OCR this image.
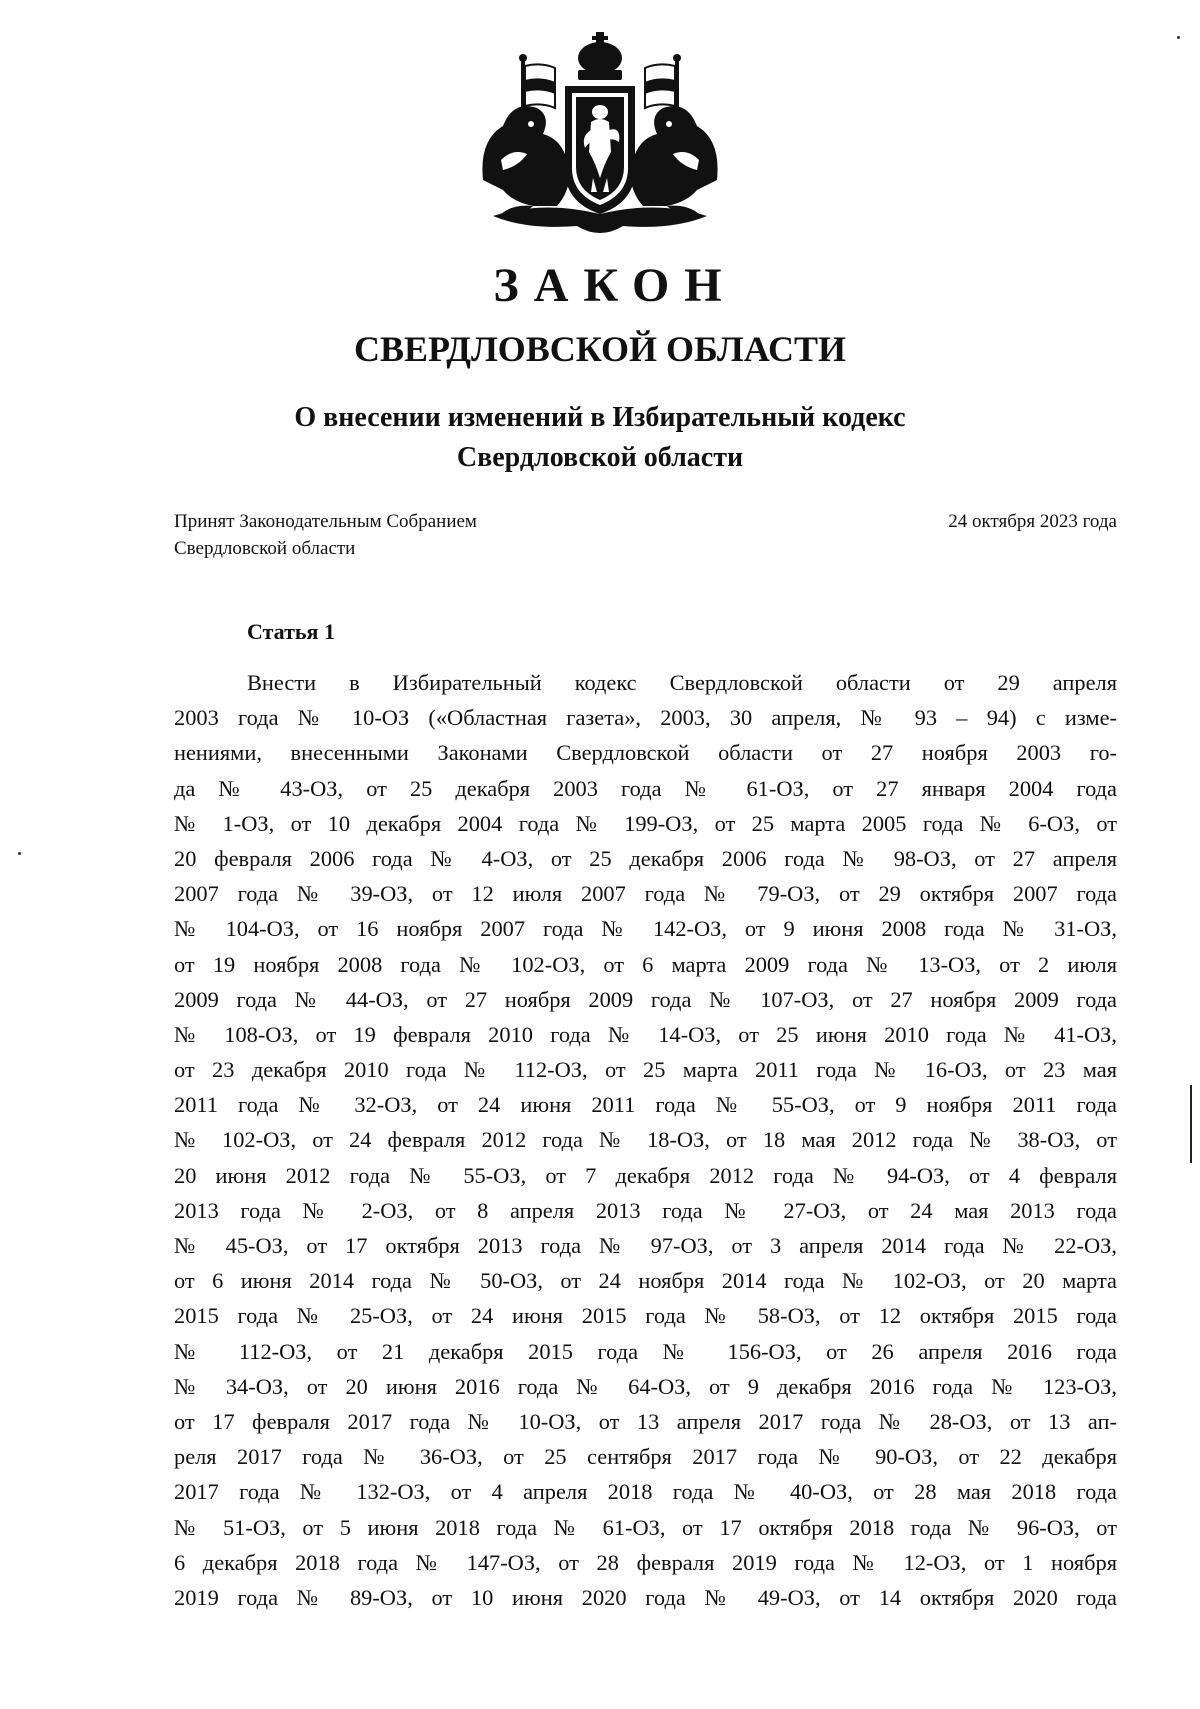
ЗАКОН
СВЕРДЛОВСКОЙ ОБЛАСТИ
О внесении изменений в Избирательный кодекс
Свердловской области
Принят Законодательным Собранием
Свердловской области
24 октября 2023 года
Статья 1
Внести в Избирательный кодекс Свердловской области от 29 апреля
2003 года № 10-ОЗ («Областная газета», 2003, 30 апреля, № 93 – 94) с изме-
нениями, внесенными Законами Свердловской области от 27 ноября 2003 го-
да № 43-ОЗ, от 25 декабря 2003 года № 61-ОЗ, от 27 января 2004 года
№ 1-ОЗ, от 10 декабря 2004 года № 199-ОЗ, от 25 марта 2005 года № 6-ОЗ, от
20 февраля 2006 года № 4-ОЗ, от 25 декабря 2006 года № 98-ОЗ, от 27 апреля
2007 года № 39-ОЗ, от 12 июля 2007 года № 79-ОЗ, от 29 октября 2007 года
№ 104-ОЗ, от 16 ноября 2007 года № 142-ОЗ, от 9 июня 2008 года № 31-ОЗ,
от 19 ноября 2008 года № 102-ОЗ, от 6 марта 2009 года № 13-ОЗ, от 2 июля
2009 года № 44-ОЗ, от 27 ноября 2009 года № 107-ОЗ, от 27 ноября 2009 года
№ 108-ОЗ, от 19 февраля 2010 года № 14-ОЗ, от 25 июня 2010 года № 41-ОЗ,
от 23 декабря 2010 года № 112-ОЗ, от 25 марта 2011 года № 16-ОЗ, от 23 мая
2011 года № 32-ОЗ, от 24 июня 2011 года № 55-ОЗ, от 9 ноября 2011 года
№ 102-ОЗ, от 24 февраля 2012 года № 18-ОЗ, от 18 мая 2012 года № 38-ОЗ, от
20 июня 2012 года № 55-ОЗ, от 7 декабря 2012 года № 94-ОЗ, от 4 февраля
2013 года № 2-ОЗ, от 8 апреля 2013 года № 27-ОЗ, от 24 мая 2013 года
№ 45-ОЗ, от 17 октября 2013 года № 97-ОЗ, от 3 апреля 2014 года № 22-ОЗ,
от 6 июня 2014 года № 50-ОЗ, от 24 ноября 2014 года № 102-ОЗ, от 20 марта
2015 года № 25-ОЗ, от 24 июня 2015 года № 58-ОЗ, от 12 октября 2015 года
№ 112-ОЗ, от 21 декабря 2015 года № 156-ОЗ, от 26 апреля 2016 года
№ 34-ОЗ, от 20 июня 2016 года № 64-ОЗ, от 9 декабря 2016 года № 123-ОЗ,
от 17 февраля 2017 года № 10-ОЗ, от 13 апреля 2017 года № 28-ОЗ, от 13 ап-
реля 2017 года № 36-ОЗ, от 25 сентября 2017 года № 90-ОЗ, от 22 декабря
2017 года № 132-ОЗ, от 4 апреля 2018 года № 40-ОЗ, от 28 мая 2018 года
№ 51-ОЗ, от 5 июня 2018 года № 61-ОЗ, от 17 октября 2018 года № 96-ОЗ, от
6 декабря 2018 года № 147-ОЗ, от 28 февраля 2019 года № 12-ОЗ, от 1 ноября
2019 года № 89-ОЗ, от 10 июня 2020 года № 49-ОЗ, от 14 октября 2020 года
